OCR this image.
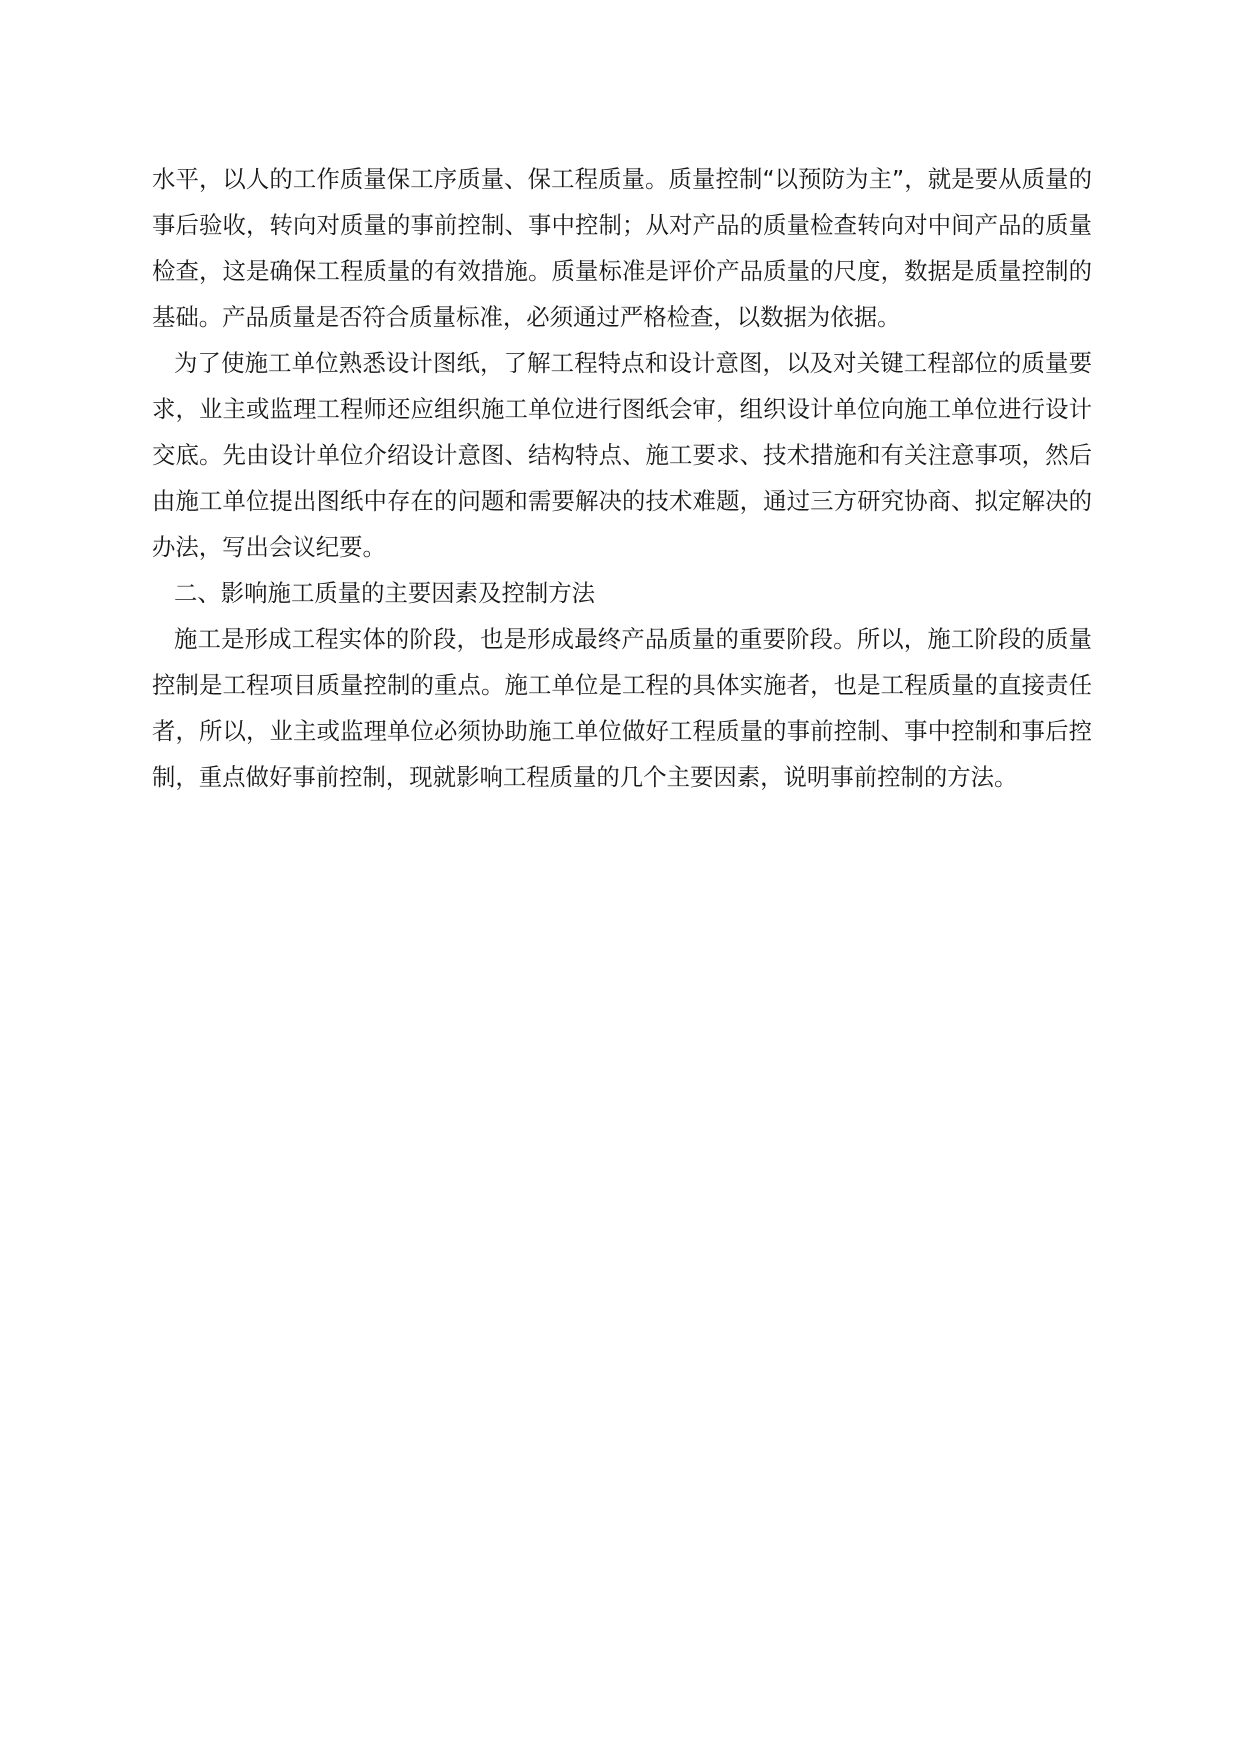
水平，以人的工作质量保工序质量、保工程质量。质量控制“以预防为主”，就是要从质量的事后验收，转向对质量的事前控制、事中控制；从对产品的质量检查转向对中间产品的质量检查，这是确保工程质量的有效措施。质量标准是评价产品质量的尺度，数据是质量控制的基础。产品质量是否符合质量标准，必须通过严格检查，以数据为依据。

为了使施工单位熟悉设计图纸，了解工程特点和设计意图，以及对关键工程部位的质量要求，业主或监理工程师还应组织施工单位进行图纸会审，组织设计单位向施工单位进行设计交底。先由设计单位介绍设计意图、结构特点、施工要求、技术措施和有关注意事项，然后由施工单位提出图纸中存在的问题和需要解决的技术难题，通过三方研究协商、拟定解决的办法，写出会议纪要。

二、影响施工质量的主要因素及控制方法

施工是形成工程实体的阶段，也是形成最终产品质量的重要阶段。所以，施工阶段的质量控制是工程项目质量控制的重点。施工单位是工程的具体实施者，也是工程质量的直接责任者，所以，业主或监理单位必须协助施工单位做好工程质量的事前控制、事中控制和事后控制，重点做好事前控制，现就影响工程质量的几个主要因素，说明事前控制的方法。
